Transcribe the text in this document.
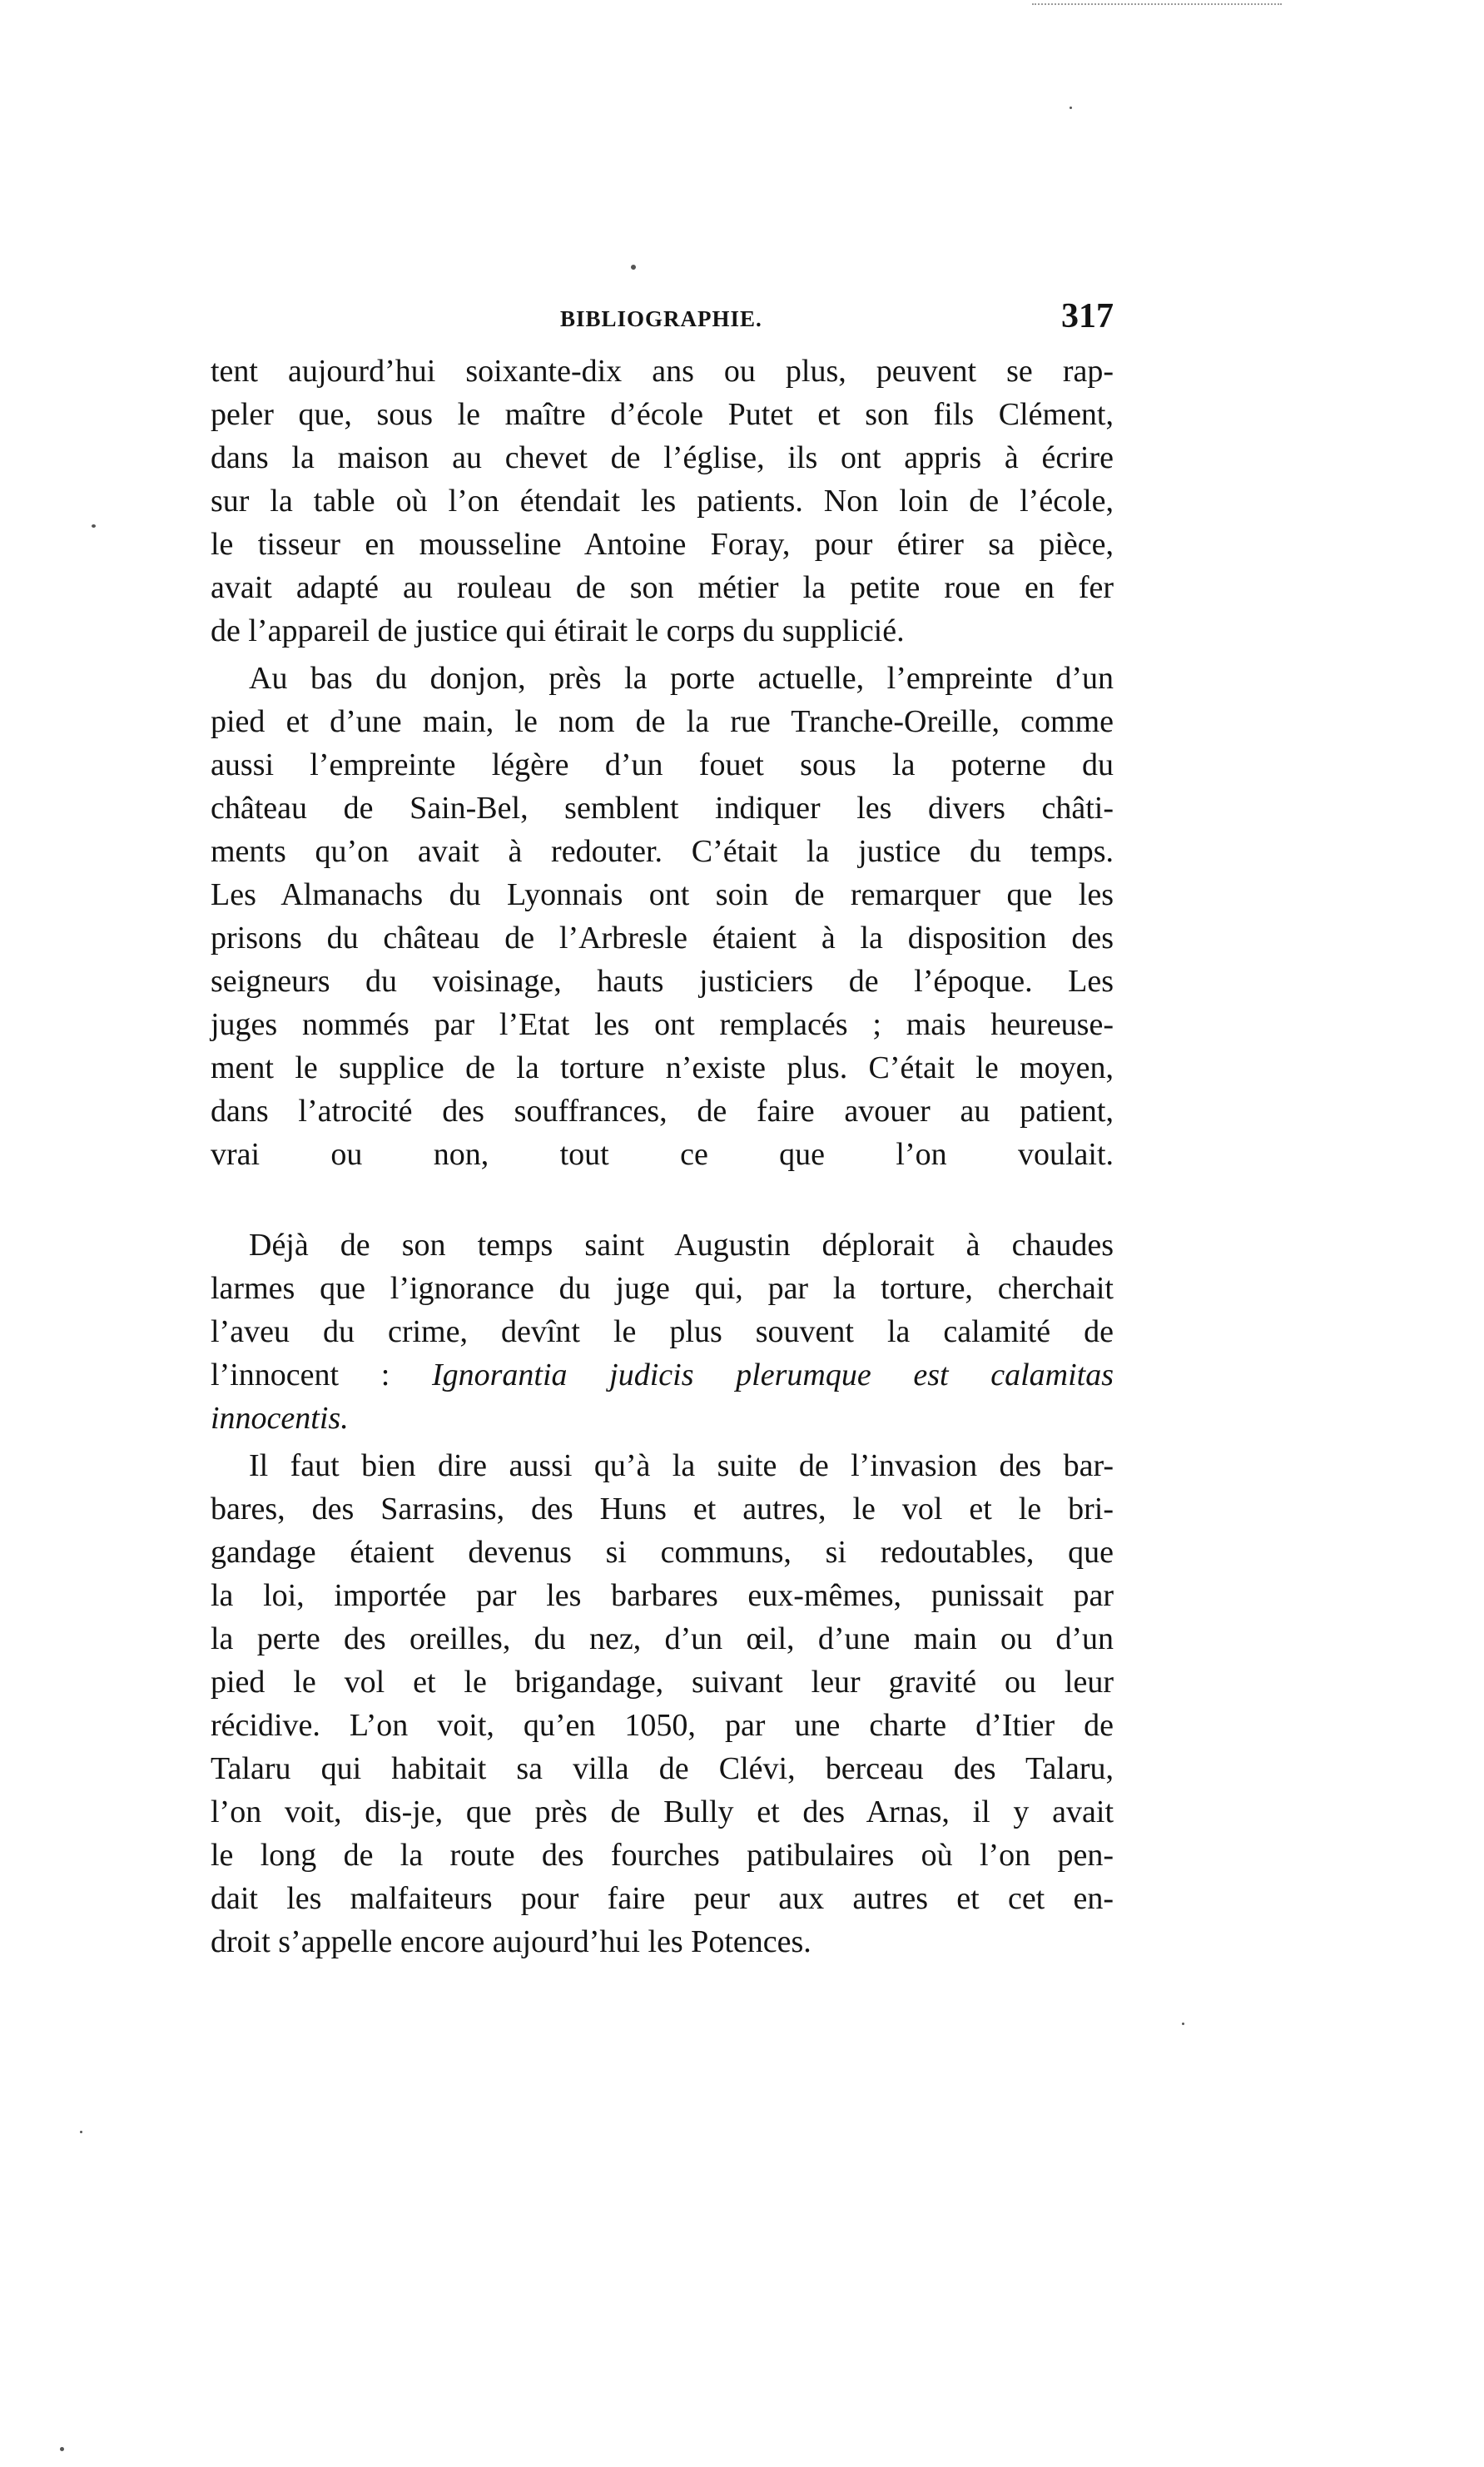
BIBLIOGRAPHIE.	317
tent aujourd’hui soixante-dix ans ou plus, peuvent se rap-
peler que, sous le maître d’école Putet et son fils Clément,
dans la maison au chevet de l’église, ils ont appris à écrire
sur la table où l’on étendait les patients. Non loin de l’école,
le tisseur en mousseline Antoine Foray, pour étirer sa pièce,
avait adapté au rouleau de son métier la petite roue en fer
de l’appareil de justice qui étirait le corps du supplicié.
Au bas du donjon, près la porte actuelle, l’empreinte d’un
pied et d’une main, le nom de la rue Tranche-Oreille, comme
aussi l’empreinte légère d’un fouet sous la poterne du
château de Sain-Bel, semblent indiquer les divers châti-
ments qu’on avait à redouter. C’était la justice du temps.
Les Almanachs du Lyonnais ont soin de remarquer que les
prisons du château de l’Arbresle étaient à la disposition des
seigneurs du voisinage, hauts justiciers de l’époque. Les
juges nommés par l’Etat les ont remplacés ; mais heureuse-
ment le supplice de la torture n’existe plus. C’était le moyen,
dans l’atrocité des souffrances, de faire avouer au patient,
vrai ou non, tout ce que l’on voulait.
Déjà de son temps saint Augustin déplorait à chaudes
larmes que l’ignorance du juge qui, par la torture, cherchait
l’aveu du crime, devînt le plus souvent la calamité de
l’innocent : Ignorantia judicis plerumque est calamitas
innocentis.
Il faut bien dire aussi qu’à la suite de l’invasion des bar-
bares, des Sarrasins, des Huns et autres, le vol et le bri-
gandage étaient devenus si communs, si redoutables, que
la loi, importée par les barbares eux-mêmes, punissait par
la perte des oreilles, du nez, d’un œil, d’une main ou d’un
pied le vol et le brigandage, suivant leur gravité ou leur
récidive. L’on voit, qu’en 1050, par une charte d’Itier de
Talaru qui habitait sa villa de Clévi, berceau des Talaru,
l’on voit, dis-je, que près de Bully et des Arnas, il y avait
le long de la route des fourches patibulaires où l’on pen-
dait les malfaiteurs pour faire peur aux autres et cet en-
droit s’appelle encore aujourd’hui les Potences.
